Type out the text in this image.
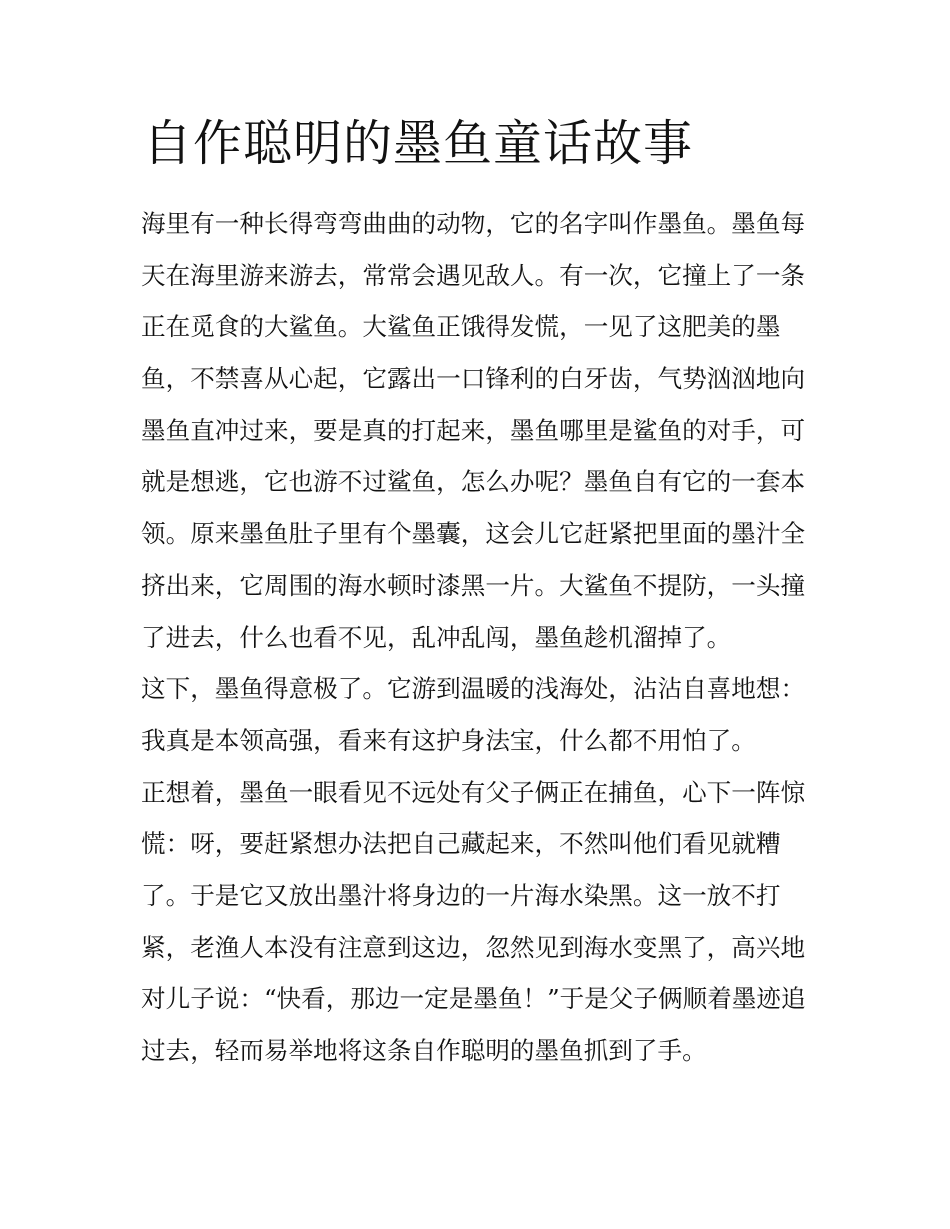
自作聪明的墨鱼童话故事
海里有一种长得弯弯曲曲的动物，它的名字叫作墨鱼。墨鱼每
天在海里游来游去，常常会遇见敌人。有一次，它撞上了一条
正在觅食的大鲨鱼。大鲨鱼正饿得发慌，一见了这肥美的墨
鱼，不禁喜从心起，它露出一口锋利的白牙齿，气势汹汹地向
墨鱼直冲过来，要是真的打起来，墨鱼哪里是鲨鱼的对手，可
就是想逃，它也游不过鲨鱼，怎么办呢？墨鱼自有它的一套本
领。原来墨鱼肚子里有个墨囊，这会儿它赶紧把里面的墨汁全
挤出来，它周围的海水顿时漆黑一片。大鲨鱼不提防，一头撞
了进去，什么也看不见，乱冲乱闯，墨鱼趁机溜掉了。
这下，墨鱼得意极了。它游到温暖的浅海处，沾沾自喜地想：
我真是本领高强，看来有这护身法宝，什么都不用怕了。
正想着，墨鱼一眼看见不远处有父子俩正在捕鱼，心下一阵惊
慌：呀，要赶紧想办法把自己藏起来，不然叫他们看见就糟
了。于是它又放出墨汁将身边的一片海水染黑。这一放不打
紧，老渔人本没有注意到这边，忽然见到海水变黑了，高兴地
对儿子说：“快看，那边一定是墨鱼！”于是父子俩顺着墨迹追
过去，轻而易举地将这条自作聪明的墨鱼抓到了手。
